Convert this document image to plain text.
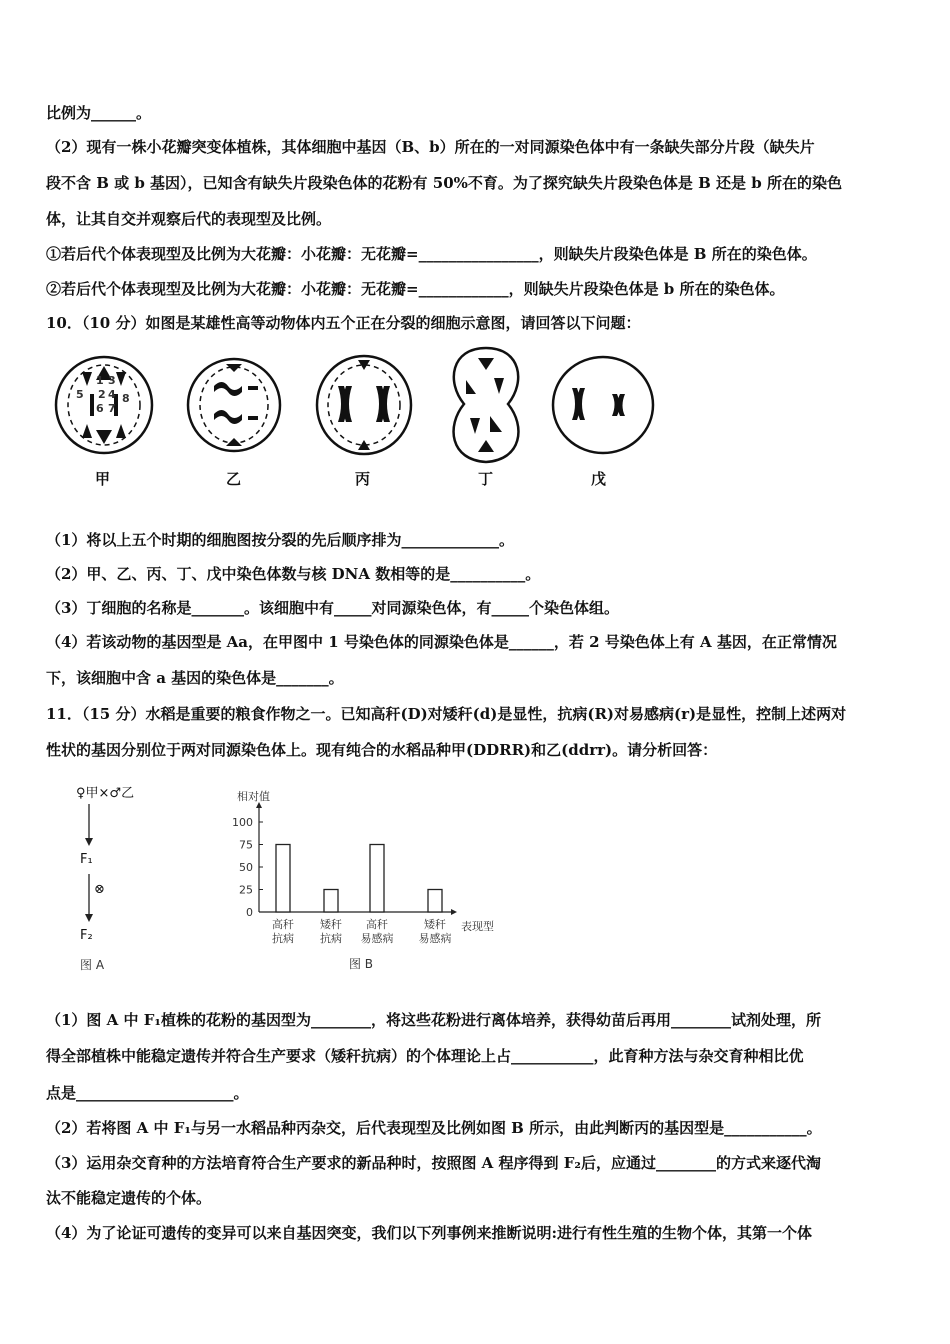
比例为______。
（2）现有一株小花瓣突变体植株，其体细胞中基因（B、b）所在的一对同源染色体中有一条缺失部分片段（缺失片
段不含 B 或 b 基因），已知含有缺失片段染色体的花粉有 50%不育。为了探究缺失片段染色体是 B 还是 b 所在的染色
体，让其自交并观察后代的表现型及比例。
①若后代个体表现型及比例为大花瓣：小花瓣：无花瓣=________________，则缺失片段染色体是 B 所在的染色体。
②若后代个体表现型及比例为大花瓣：小花瓣：无花瓣=____________，则缺失片段染色体是 b 所在的染色体。
10．（10 分）如图是某雄性高等动物体内五个正在分裂的细胞示意图，请回答以下问题：
1
5 2
3
6
4
7
8
甲	乙	丙	丁	戊
（1）将以上五个时期的细胞图按分裂的先后顺序排为_____________。
（2）甲、乙、丙、丁、戊中染色体数与核 DNA 数相等的是__________。
（3）丁细胞的名称是_______。该细胞中有_____对同源染色体，有_____个染色体组。
（4）若该动物的基因型是 Aa，在甲图中 1 号染色体的同源染色体是______，若 2 号染色体上有 A 基因，在正常情况
下，该细胞中含 a 基因的染色体是_______。
11．（15 分）水稻是重要的粮食作物之一。已知高秆(D)对矮秆(d)是显性，抗病(R)对易感病(r)是显性，控制上述两对
性状的基因分别位于两对同源染色体上。现有纯合的水稻品种甲(DDRR)和乙(ddrr)。请分析回答：
♀甲×♂乙
F₁
⊗
F₂
图 A
相对值
0
25
50
75
100
高秆
抗病
矮秆
抗病
高秆
易感病
矮秆
易感病
表现型
图 B
（1）图 A 中 F₁植株的花粉的基因型为________，将这些花粉进行离体培养，获得幼苗后再用________试剂处理，所
得全部植株中能稳定遗传并符合生产要求（矮秆抗病）的个体理论上占___________，此育种方法与杂交育种相比优
点是_____________________。
（2）若将图 A 中 F₁与另一水稻品种丙杂交，后代表现型及比例如图 B 所示，由此判断丙的基因型是___________。
（3）运用杂交育种的方法培育符合生产要求的新品种时，按照图 A 程序得到 F₂后，应通过________的方式来逐代淘
汰不能稳定遗传的个体。
（4）为了论证可遗传的变异可以来自基因突变，我们以下列事例来推断说明:进行有性生殖的生物个体，其第一个体
